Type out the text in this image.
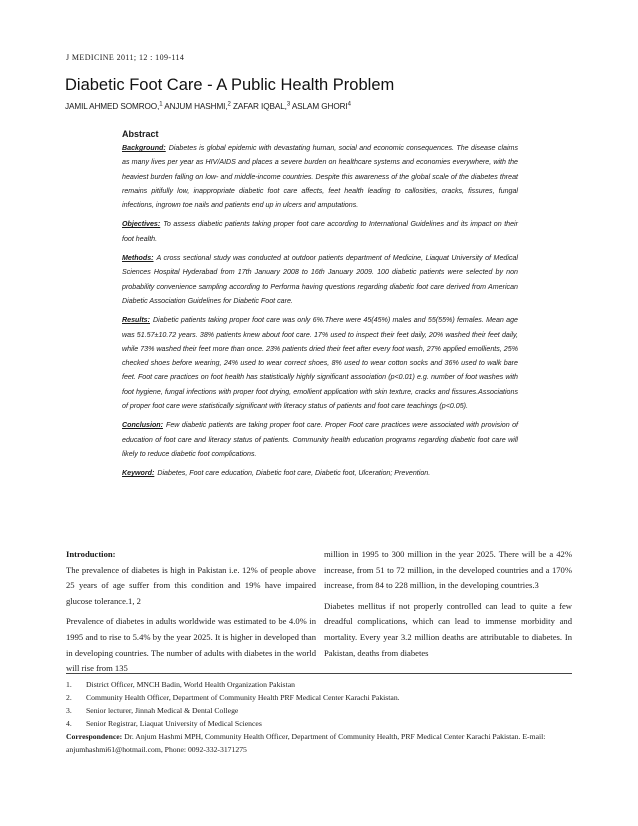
J MEDICINE 2011; 12 : 109-114
Diabetic Foot Care - A Public Health Problem
JAMIL AHMED SOMROO,$^1$ ANJUM HASHMI,$^2$ ZAFAR IQBAL,$^3$ ASLAM GHORI$^4$
Abstract

Background: Diabetes is global epidemic with devastating human, social and economic consequences. The disease claims as many lives per year as HIV/AIDS and places a severe burden on healthcare systems and economies everywhere, with the heaviest burden falling on low- and middle-income countries. Despite this awareness of the global scale of the diabetes threat remains pitifully low, inappropriate diabetic foot care affects, feet health leading to callosities, cracks, fissures, fungal infections, ingrown toe nails and patients end up in ulcers and amputations.

Objectives: To assess diabetic patients taking proper foot care according to International Guidelines and its impact on their foot health.

Methods: A cross sectional study was conducted at outdoor patients department of Medicine, Liaquat University of Medical Sciences Hospital Hyderabad from 17th January 2008 to 16th January 2009. 100 diabetic patients were selected by non probability convenience sampling according to Performa having questions regarding diabetic foot care derived from American Diabetic Association Guidelines for Diabetic Foot care.

Results: Diabetic patients taking proper foot care was only 6%.There were 45(45%) males and 55(55%) females. Mean age was 51.57±10.72 years. 38% patients knew about foot care. 17% used to inspect their feet daily, 20% washed their feet daily, while 73% washed their feet more than once. 23% patients dried their feet after every foot wash, 27% applied emollients, 25% checked shoes before wearing, 24% used to wear correct shoes, 8% used to wear cotton socks and 36% used to walk bare feet. Foot care practices on foot health has statistically highly significant association (p<0.01) e.g. number of foot washes with foot hygiene, fungal infections with proper foot drying, emollient application with skin texture, cracks and fissures.Associations of proper foot care were statistically significant with literacy status of patients and foot care teachings (p<0.05).

Conclusion: Few diabetic patients are taking proper foot care. Proper Foot care practices were associated with provision of education of foot care and literacy status of patients. Community health education programs regarding diabetic foot care will likely to reduce diabetic foot complications.

Keyword: Diabetes, Foot care education, Diabetic foot care, Diabetic foot, Ulceration; Prevention.

Introduction:

The prevalence of diabetes is high in Pakistan i.e. 12% of people above 25 years of age suffer from this condition and 19% have impaired glucose tolerance.1, 2

Prevalence of diabetes in adults worldwide was estimated to be 4.0% in 1995 and to rise to 5.4% by the year 2025. It is higher in developed than in developing countries. The number of adults with diabetes in the world will rise from 135

million in 1995 to 300 million in the year 2025. There will be a 42% increase, from 51 to 72 million, in the developed countries and a 170% increase, from 84 to 228 million, in the developing countries.3

Diabetes mellitus if not properly controlled can lead to quite a few dreadful complications, which can lead to immense morbidity and mortality. Every year 3.2 million deaths are attributable to diabetes. In Pakistan, deaths from diabetes

1.	District Officer, MNCH Badin, World Health Organization Pakistan
2.	Community Health Officer, Department of Community Health PRF Medical Center Karachi Pakistan.
3.	Senior lecturer, Jinnah Medical & Dental College
4.	Senior Registrar, Liaquat University of Medical Sciences
Correspondence: Dr. Anjum Hashmi MPH, Community Health Officer, Department of Community Health, PRF Medical Center Karachi Pakistan. E-mail: anjumhashmi61@hotmail.com, Phone: 0092-332-3171275
